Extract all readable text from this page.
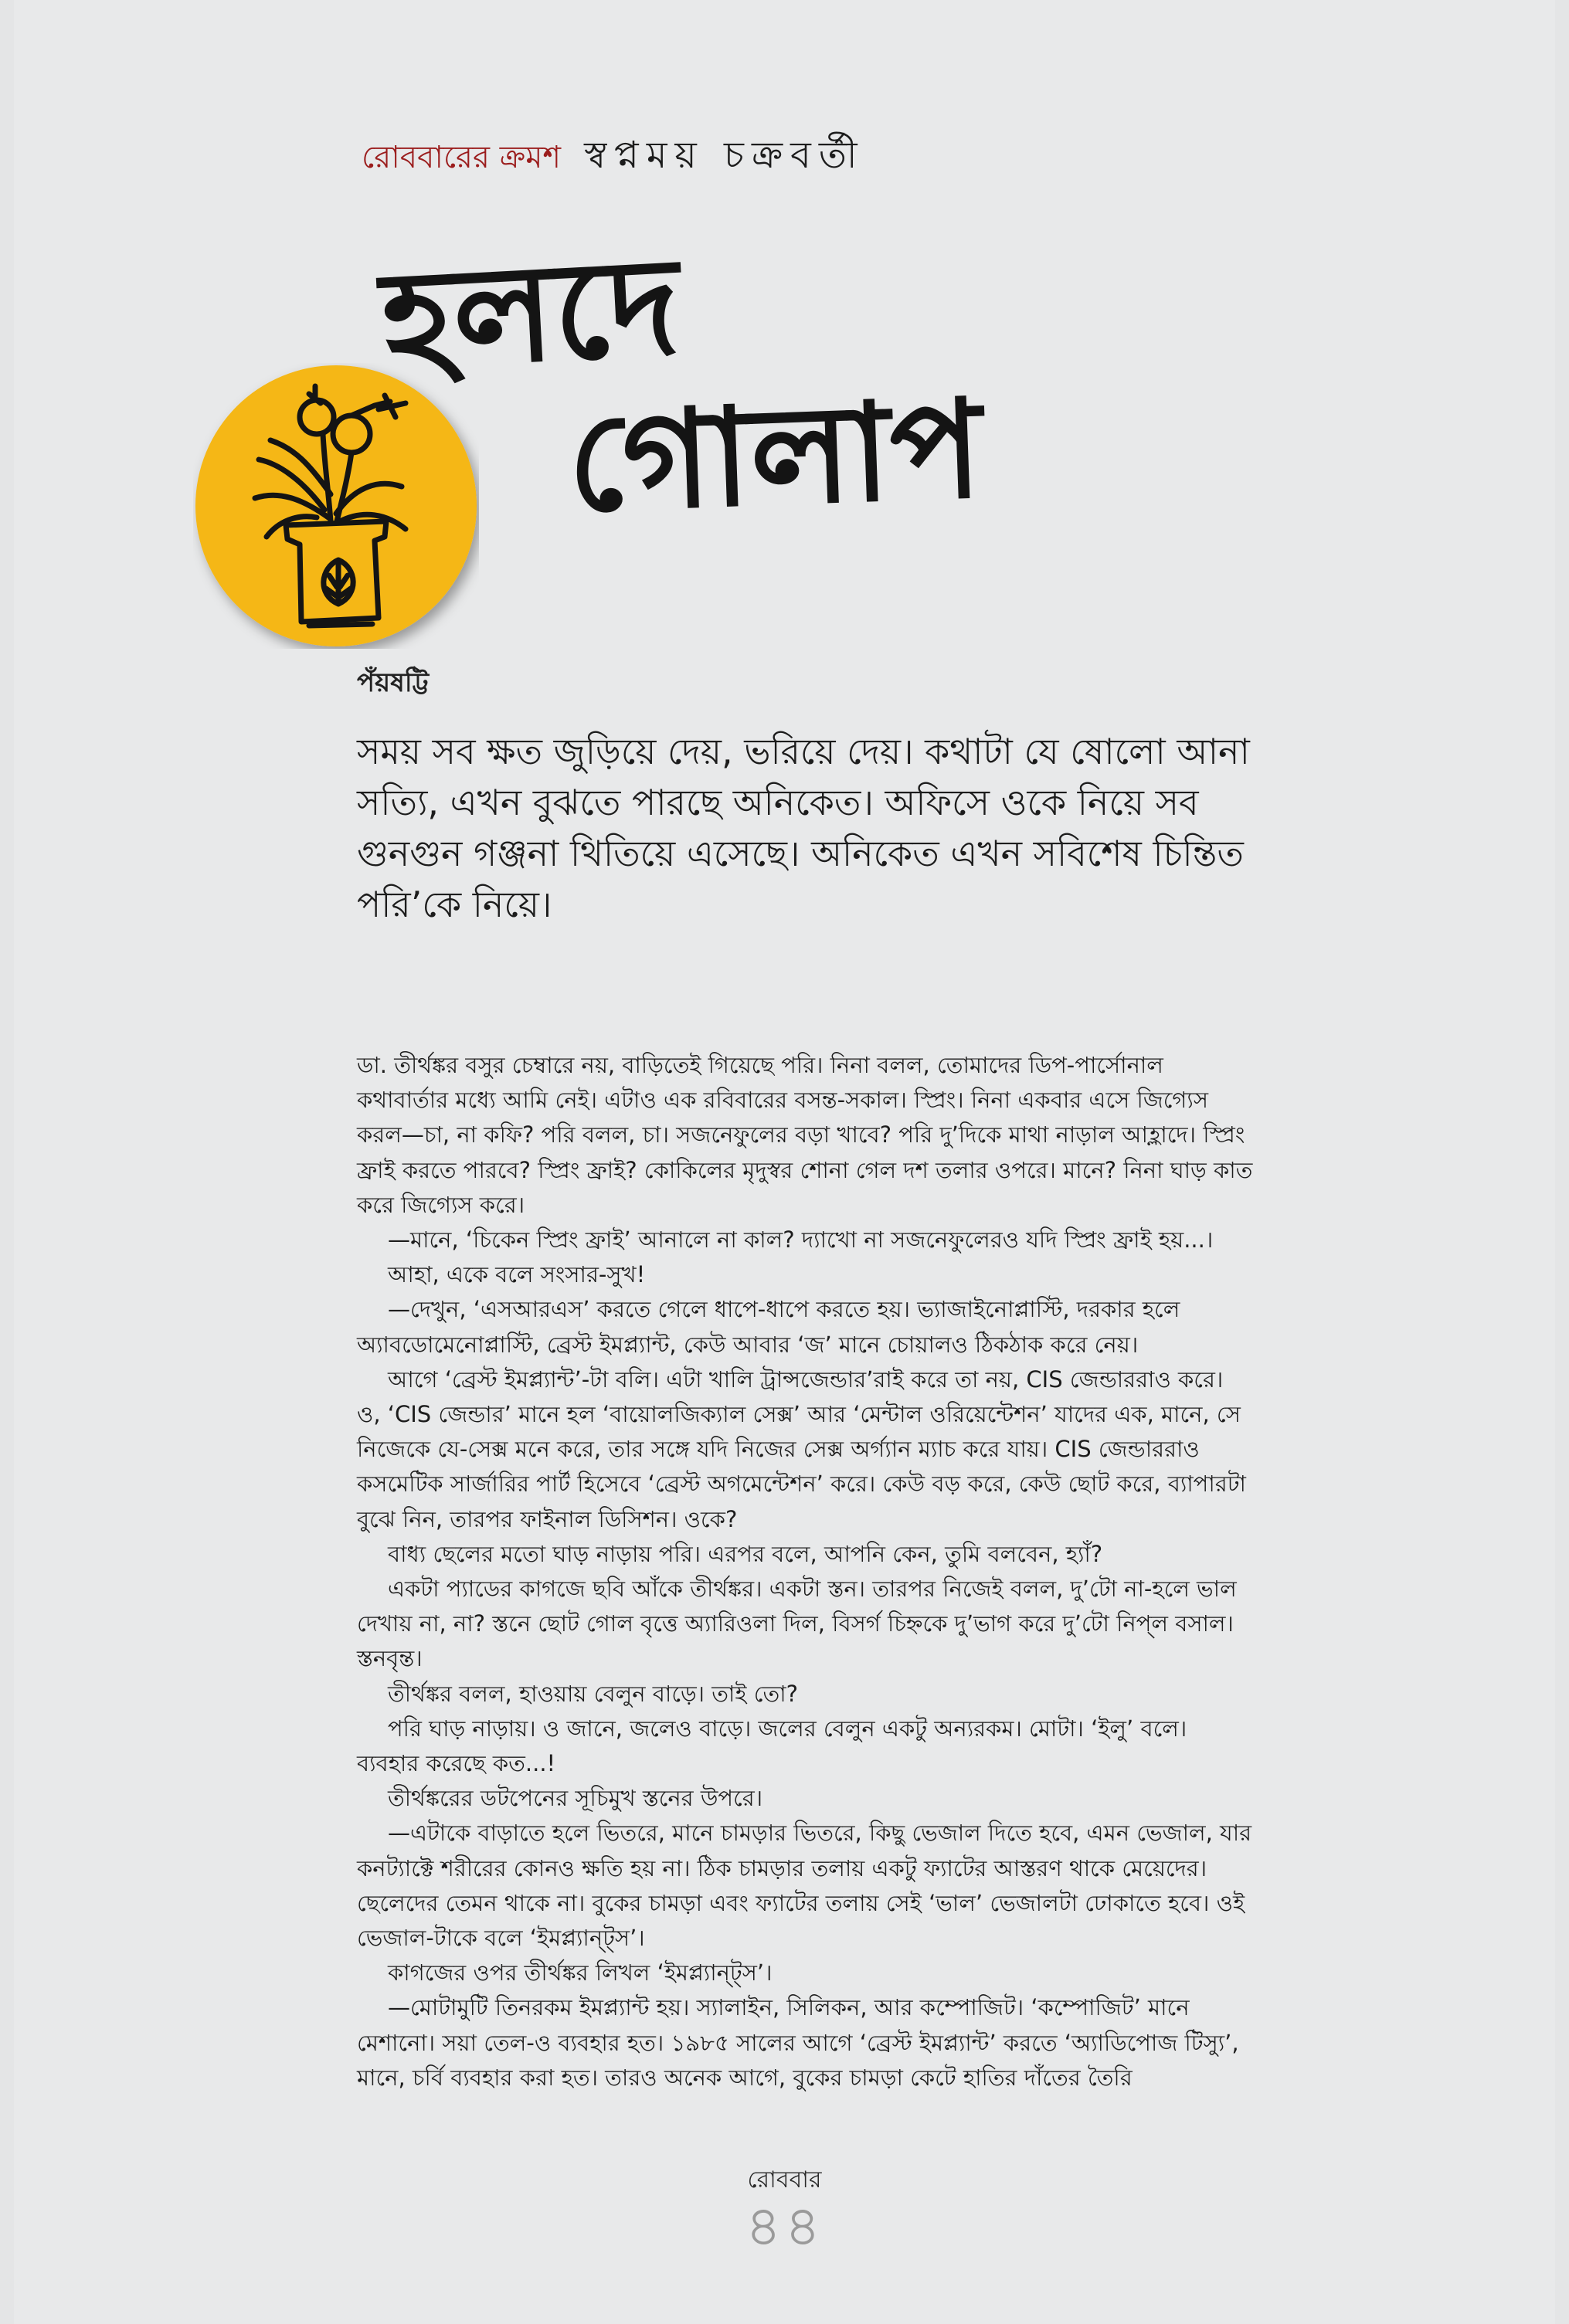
রোববারের ক্রমশ স্বপ্নময় চক্রবর্তী
হলদে
গোলাপ
পঁয়ষট্টি
সময় সব ক্ষত জুড়িয়ে দেয়, ভরিয়ে দেয়। কথাটা যে ষোলো আনা সত্যি, এখন বুঝতে পারছে অনিকেত। অফিসে ওকে নিয়ে সব গুনগুন গঞ্জনা থিতিয়ে এসেছে। অনিকেত এখন সবিশেষ চিন্তিত পরি’কে নিয়ে।

ডা. তীর্থঙ্কর বসুর চেম্বারে নয়, বাড়িতেই গিয়েছে পরি। নিনা বলল, তোমাদের ডিপ-পার্সোনাল কথাবার্তার মধ্যে আমি নেই। এটাও এক রবিবারের বসন্ত-সকাল। স্প্রিং। নিনা একবার এসে জিগ্যেস করল—চা, না কফি? পরি বলল, চা। সজনেফুলের বড়া খাবে? পরি দু’দিকে মাথা নাড়াল আহ্লাদে। স্প্রিং ফ্রাই করতে পারবে? স্প্রিং ফ্রাই? কোকিলের মৃদুস্বর শোনা গেল দশ তলার ওপরে। মানে? নিনা ঘাড় কাত করে জিগ্যেস করে।

—মানে, ‘চিকেন স্প্রিং ফ্রাই’ আনালে না কাল? দ্যাখো না সজনেফুলেরও যদি স্প্রিং ফ্রাই হয়...।

আহা, একে বলে সংসার-সুখ!

—দেখুন, ‘এসআরএস’ করতে গেলে ধাপে-ধাপে করতে হয়। ভ্যাজাইনোপ্লাস্টি, দরকার হলে অ্যাবডোমেনোপ্লাস্টি, ব্রেস্ট ইমপ্ল্যান্ট, কেউ আবার ‘জ’ মানে চোয়ালও ঠিকঠাক করে নেয়।

আগে ‘ব্রেস্ট ইমপ্ল্যান্ট’-টা বলি। এটা খালি ট্রান্সজেন্ডার’রাই করে তা নয়, CIS জেন্ডাররাও করে। ও, ‘CIS জেন্ডার’ মানে হল ‘বায়োলজিক্যাল সেক্স’ আর ‘মেন্টাল ওরিয়েন্টেশন’ যাদের এক, মানে, সে নিজেকে যে-সেক্স মনে করে, তার সঙ্গে যদি নিজের সেক্স অর্গ্যান ম্যাচ করে যায়। CIS জেন্ডাররাও কসমেটিক সার্জারির পার্ট হিসেবে ‘ব্রেস্ট অগমেন্টেশন’ করে। কেউ বড় করে, কেউ ছোট করে, ব্যাপারটা বুঝে নিন, তারপর ফাইনাল ডিসিশন। ওকে?

বাধ্য ছেলের মতো ঘাড় নাড়ায় পরি। এরপর বলে, আপনি কেন, তুমি বলবেন, হ্যাঁ?

একটা প্যাডের কাগজে ছবি আঁকে তীর্থঙ্কর। একটা স্তন। তারপর নিজেই বলল, দু’টো না-হলে ভাল দেখায় না, না? স্তনে ছোট গোল বৃত্তে অ্যারিওলা দিল, বিসর্গ চিহ্নকে দু’ভাগ করে দু’টো নিপ্‌ল বসাল। স্তনবৃন্ত।

তীর্থঙ্কর বলল, হাওয়ায় বেলুন বাড়ে। তাই তো?

পরি ঘাড় নাড়ায়। ও জানে, জলেও বাড়ে। জলের বেলুন একটু অন্যরকম। মোটা। ‘ইলু’ বলে। ব্যবহার করেছে কত...!

তীর্থঙ্করের ডটপেনের সূচিমুখ স্তনের উপরে।

—এটাকে বাড়াতে হলে ভিতরে, মানে চামড়ার ভিতরে, কিছু ভেজাল দিতে হবে, এমন ভেজাল, যার কনট্যাক্টে শরীরের কোনও ক্ষতি হয় না। ঠিক চামড়ার তলায় একটু ফ্যাটের আস্তরণ থাকে মেয়েদের। ছেলেদের তেমন থাকে না। বুকের চামড়া এবং ফ্যাটের তলায় সেই ‘ভাল’ ভেজালটা ঢোকাতে হবে। ওই ভেজাল-টাকে বলে ‘ইমপ্ল্যান্ট্‌স’।

কাগজের ওপর তীর্থঙ্কর লিখল ‘ইমপ্ল্যান্ট্‌স’।

—মোটামুটি তিনরকম ইমপ্ল্যান্ট হয়। স্যালাইন, সিলিকন, আর কম্পোজিট। ‘কম্পোজিট’ মানে মেশানো। সয়া তেল-ও ব্যবহার হত। ১৯৮৫ সালের আগে ‘ব্রেস্ট ইমপ্ল্যান্ট’ করতে ‘অ্যাডিপোজ টিস্যু’, মানে, চর্বি ব্যবহার করা হত। তারও অনেক আগে, বুকের চামড়া কেটে হাতির দাঁতের তৈরি

রোববার
৪৪
